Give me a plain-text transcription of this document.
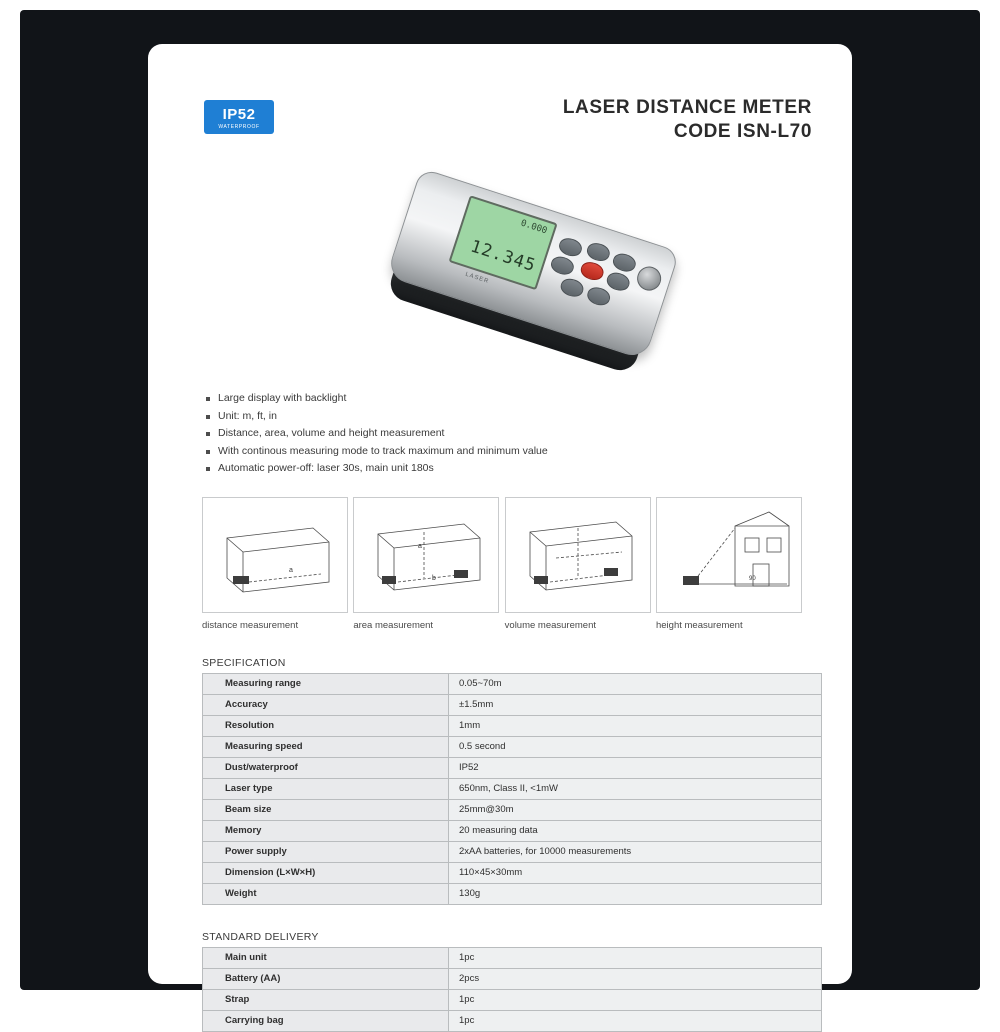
IP52
WATERPROOF
LASER DISTANCE METER
CODE ISN-L70
0.000
12.345
LASER
Large display with backlight
Unit: m, ft, in
Distance, area, volume and height measurement
With continous measuring mode to track maximum and minimum value
Automatic power-off: laser 30s, main unit 180s
a
distance measurement
a
b
area measurement	volume measurement
90
height measurement
SPECIFICATION
Measuring range	0.05~70m
Accuracy	±1.5mm
Resolution	1mm
Measuring speed	0.5 second
Dust/waterproof	IP52
Laser type	650nm, Class II, <1mW
Beam size	25mm@30m
Memory	20 measuring data
Power supply	2xAA batteries, for 10000 measurements
Dimension (L×W×H)	110×45×30mm
Weight	130g
STANDARD DELIVERY
Main unit	1pc
Battery (AA)	2pcs
Strap	1pc
Carrying bag	1pc
